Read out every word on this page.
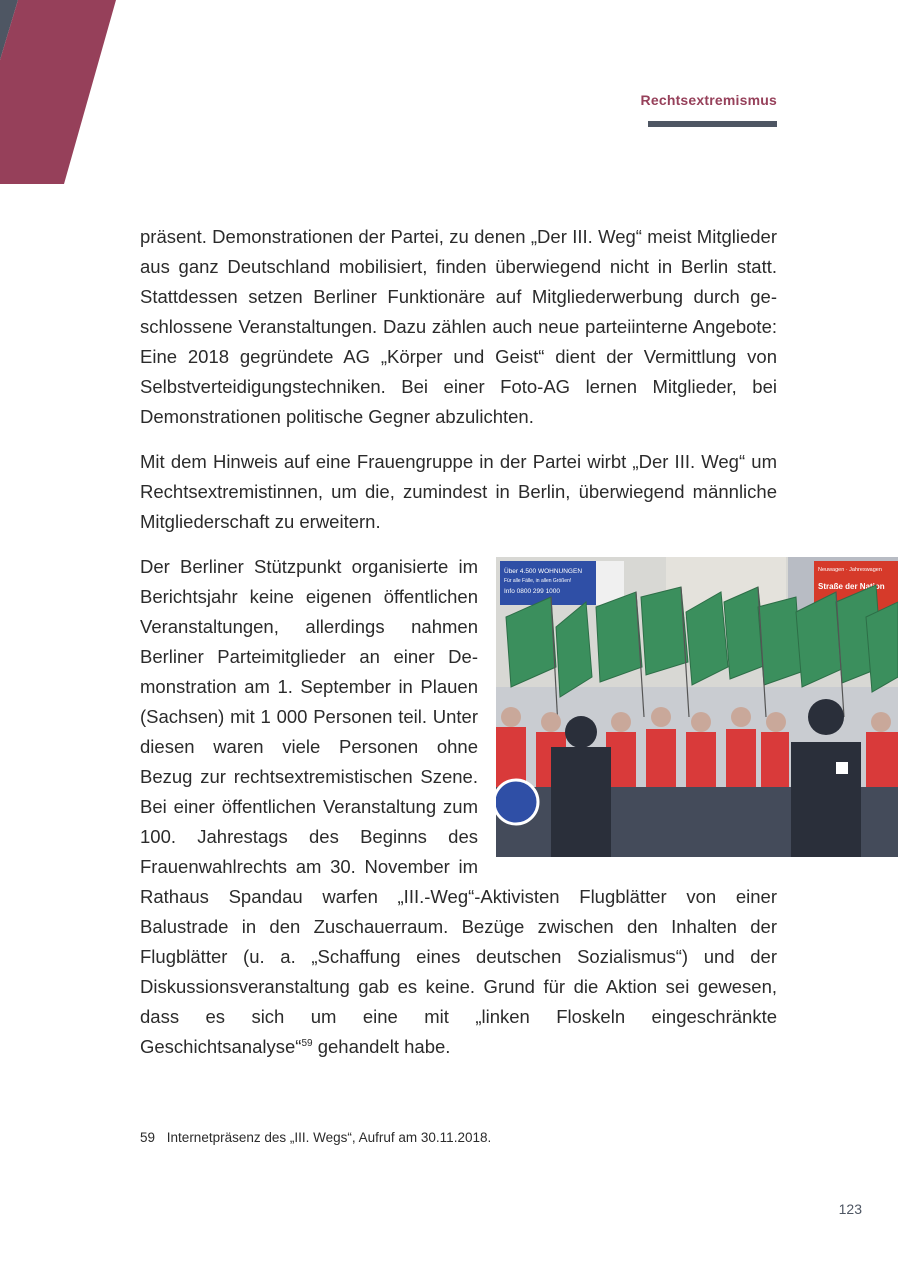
Rechtsextremismus

präsent. Demonstrationen der Partei, zu denen „Der III. Weg“ meist Mitglieder aus ganz Deutschland mobilisiert, finden überwiegend nicht in Berlin statt. Stattdessen setzen Berliner Funktionäre auf Mitgliederwerbung durch geschlossene Veranstaltungen. Dazu zählen auch neue parteiinterne Angebote: Eine 2018 gegründete AG „Körper und Geist“ dient der Vermittlung von Selbstverteidigungstechniken. Bei einer Foto-AG lernen Mitglieder, bei Demonstrationen politische Gegner abzulichten.

Mit dem Hinweis auf eine Frauengruppe in der Partei wirbt „Der III. Weg“ um Rechtsextremistinnen, um die, zumindest in Berlin, überwiegend männliche Mitgliederschaft zu erweitern.

Über 4.500 WOHNUNGEN
Für alle Fälle, in allen Größen!
Info 0800 299 1000
Neuwagen · Jahreswagen
Straße der Nation
Der Berliner Stützpunkt organisierte im Berichtsjahr keine eigenen öffentlichen Veranstaltungen, allerdings nahmen Berliner Parteimitglieder an einer Demonstration am 1. September in Plauen (Sachsen) mit 1 000 Personen teil. Unter diesen waren viele Personen ohne Bezug zur rechtsextremistischen Szene. Bei einer öffentlichen Veranstaltung zum 100. Jahrestags des Beginns des Frauenwahlrechts am 30. November im Rathaus Spandau warfen „III.-Weg“-Aktivisten Flugblätter von einer Balustrade in den Zuschauerraum. Bezüge zwischen den Inhalten der Flugblätter (u. a. „Schaffung eines deutschen Sozialismus“) und der Diskussionsveranstaltung gab es keine. Grund für die Aktion sei gewesen, dass es sich um eine mit „linken Floskeln eingeschränkte Geschichtsanalyse“$^{59}$ gehandelt habe.

59 Internetpräsenz des „III. Wegs“, Aufruf am 30.11.2018.
123
